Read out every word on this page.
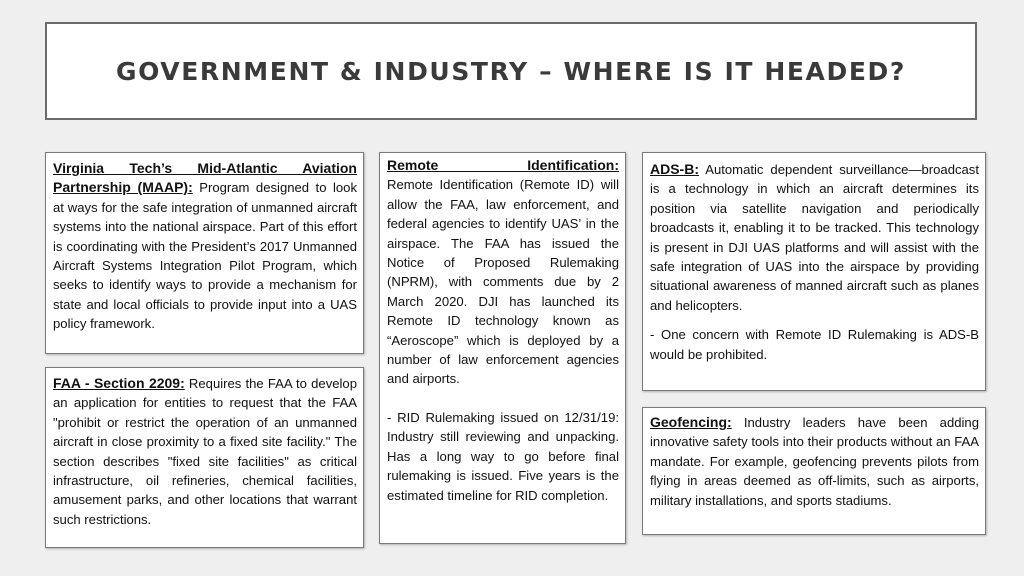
GOVERNMENT & INDUSTRY – WHERE IS IT HEADED?

Virginia Tech’s Mid-Atlantic Aviation Partnership (MAAP): Program designed to look at ways for the safe integration of unmanned aircraft systems into the national airspace. Part of this effort is coordinating with the President’s 2017 Unmanned Aircraft Systems Integration Pilot Program, which seeks to identify ways to provide a mechanism for state and local officials to provide input into a UAS policy framework.

FAA - Section 2209: Requires the FAA to develop an application for entities to request that the FAA "prohibit or restrict the operation of an unmanned aircraft in close proximity to a fixed site facility." The section describes "fixed site facilities" as critical infrastructure, oil refineries, chemical facilities, amusement parks, and other locations that warrant such restrictions.

Remote Identification:
Remote Identification (Remote ID) will allow the FAA, law enforcement, and federal agencies to identify UAS’ in the airspace. The FAA has issued the Notice of Proposed Rulemaking (NPRM), with comments due by 2 March 2020. DJI has launched its Remote ID technology known as “Aeroscope” which is deployed by a number of law enforcement agencies and airports.

- RID Rulemaking issued on 12/31/19: Industry still reviewing and unpacking. Has a long way to go before final rulemaking is issued. Five years is the estimated timeline for RID completion.

ADS-B: Automatic dependent surveillance—broadcast is a technology in which an aircraft determines its position via satellite navigation and periodically broadcasts it, enabling it to be tracked. This technology is present in DJI UAS platforms and will assist with the safe integration of UAS into the airspace by providing situational awareness of manned aircraft such as planes and helicopters.

- One concern with Remote ID Rulemaking is ADS-B would be prohibited.

Geofencing: Industry leaders have been adding innovative safety tools into their products without an FAA mandate. For example, geofencing prevents pilots from flying in areas deemed as off-limits, such as airports, military installations, and sports stadiums.
